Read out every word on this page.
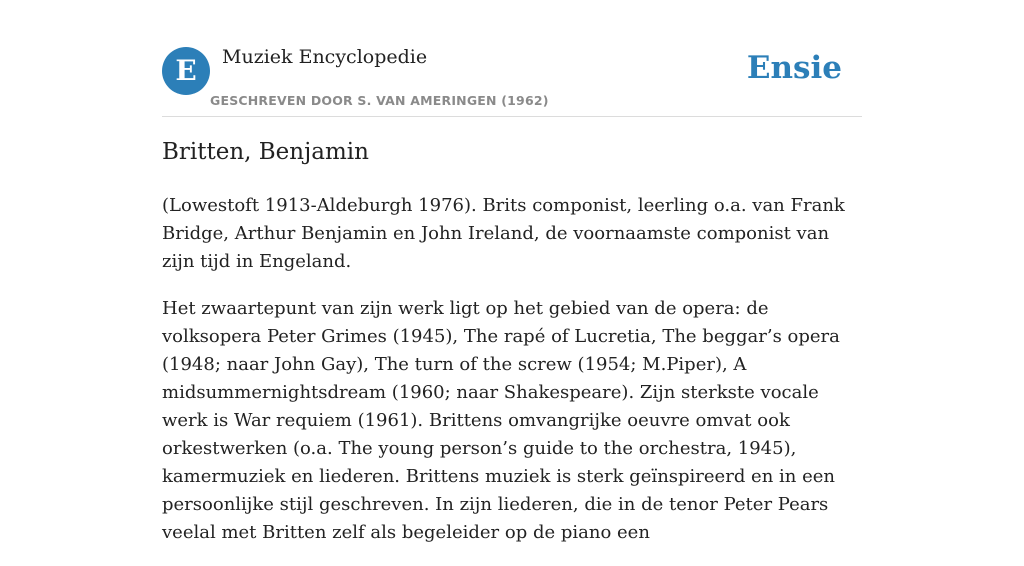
E	Muziek Encyclopedie
GESCHREVEN DOOR S. VAN AMERINGEN (1962)
Ensie
Britten, Benjamin

(Lowestoft 1913-Aldeburgh 1976). Brits componist, leerling o.a. van Frank Bridge, Arthur Benjamin en John Ireland, de voornaamste componist van zijn tijd in Engeland.

Het zwaartepunt van zijn werk ligt op het gebied van de opera: de volksopera Peter Grimes (1945), The rapé of Lucretia, The beggar’s opera (1948; naar John Gay), The turn of the screw (1954; M.Piper), A midsummernightsdream (1960; naar Shakespeare). Zijn sterkste vocale werk is War requiem (1961). Brittens omvangrijke oeuvre omvat ook orkestwerken (o.a. The young person’s guide to the orchestra, 1945), kamermuziek en liederen. Brittens muziek is sterk geïnspireerd en in een persoonlijke stijl geschreven. In zijn liederen, die in de tenor Peter Pears veelal met Britten zelf als begeleider op de piano een
